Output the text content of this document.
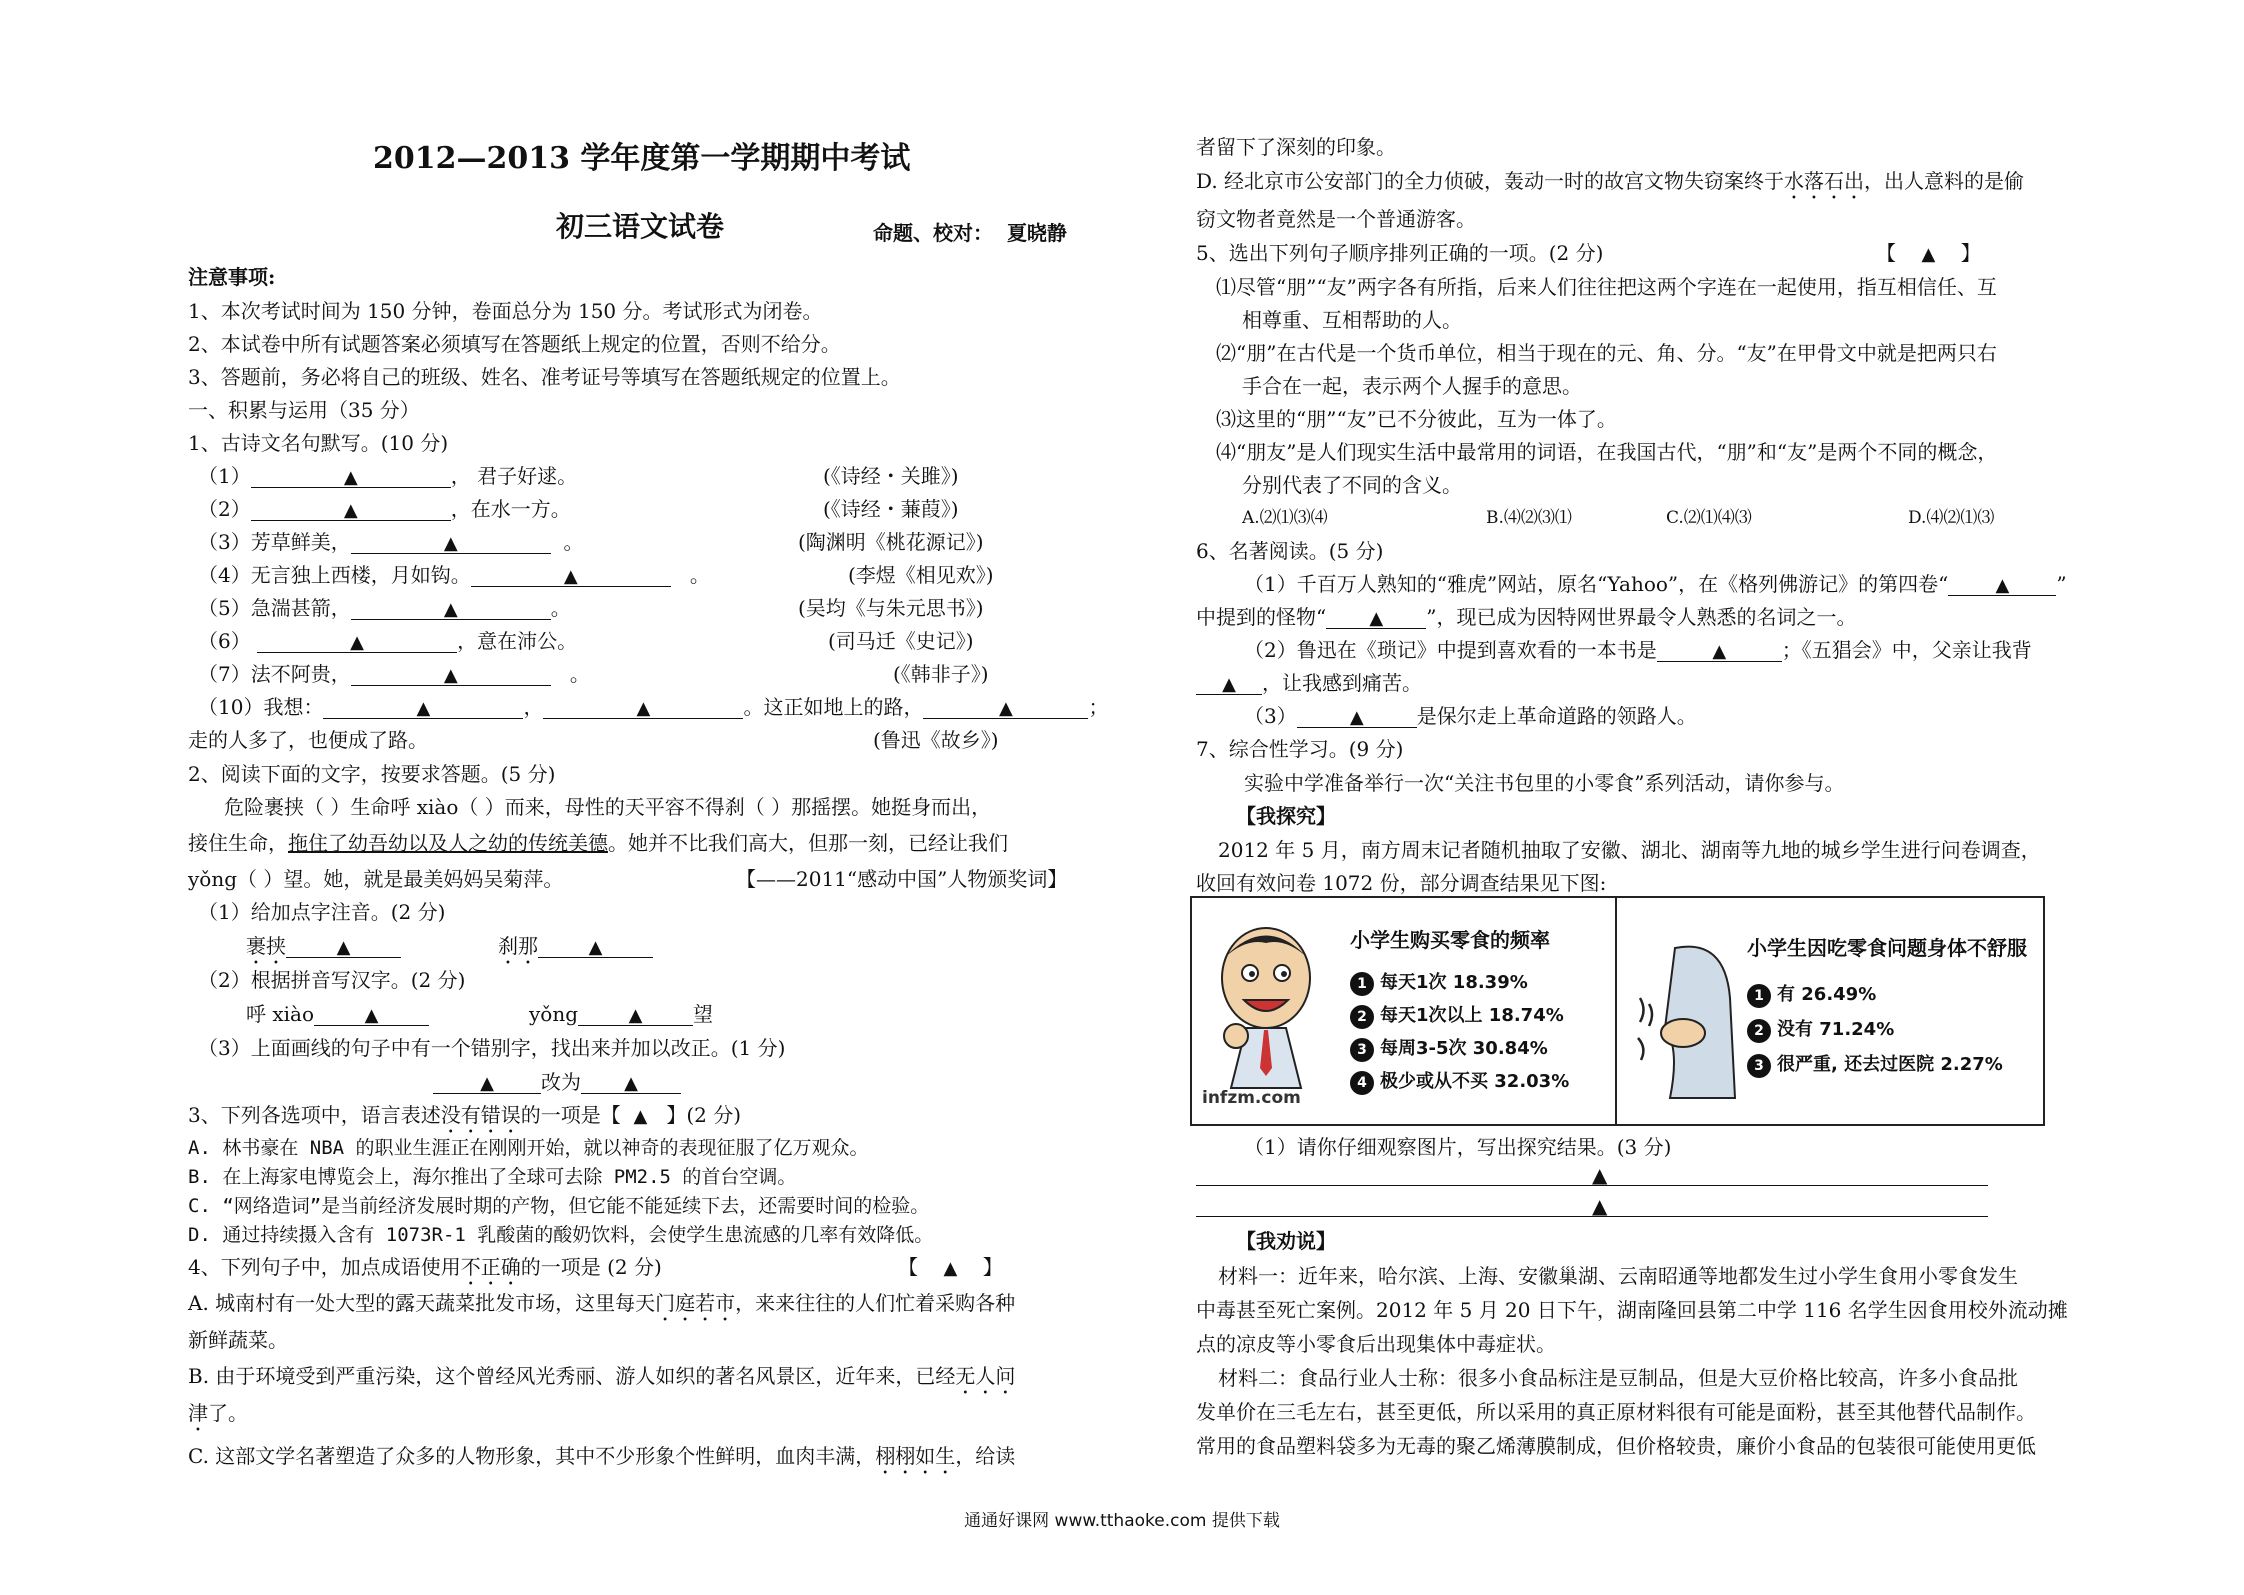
2012—2013 学年度第一学期期中考试
初三语文试卷	命题、校对： 夏晓静
注意事项:
1、本次考试时间为 150 分钟，卷面总分为 150 分。考试形式为闭卷。
2、本试卷中所有试题答案必须填写在答题纸上规定的位置，否则不给分。
3、答题前，务必将自己的班级、姓名、准考证号等填写在答题纸规定的位置上。
一、积累与运用（35 分）
1、古诗文名句默写。(10 分)
（1）	▲	， 君子好逑。	(《诗经・关雎》)
（2）	▲	，在水一方。	(《诗经・蒹葭》)
（3）芳草鲜美，	▲	。	(陶渊明《桃花源记》)
（4）无言独上西楼，月如钩。	▲	。	(李煜《相见欢》)
（5）急湍甚箭，	▲	。	(吴均《与朱元思书》)
（6）	▲	，意在沛公。	(司马迁《史记》)
（7）法不阿贵，	▲	。	(《韩非子》)
（10）我想：	▲	，	▲	。这正如地上的路，	▲	；
走的人多了，也便成了路。	(鲁迅《故乡》)
2、阅读下面的文字，按要求答题。(5 分)
危险裹挟（ ）生命呼 xiào（ ）而来，母性的天平容不得刹（ ）那摇摆。她挺身而出，
接住生命，拖住了幼吾幼以及人之幼的传统美德。她并不比我们高大，但那一刻，已经让我们
yǒng（ ）望。她，就是最美妈妈吴菊萍。	【——2011“感动中国”人物颁奖词】
（1）给加点字注音。(2 分)
裹挟	▲	刹那	▲
（2）根据拼音写汉字。(2 分)
呼 xiào	▲	yǒng	▲	望
（3）上面画线的句子中有一个错别字，找出来并加以改正。(1 分)
▲ 改为 ▲
3、下列各选项中，语言表述没有错误的一项是【 ▲ 】(2 分)
A. 林书豪在 NBA 的职业生涯正在刚刚开始，就以神奇的表现征服了亿万观众。
B. 在上海家电博览会上，海尔推出了全球可去除 PM2.5 的首台空调。
C. “网络造词”是当前经济发展时期的产物，但它能不能延续下去，还需要时间的检验。
D. 通过持续摄入含有 1073R-1 乳酸菌的酸奶饮料，会使学生患流感的几率有效降低。
4、下列句子中，加点成语使用不正确的一项是 (2 分)	【 ▲ 】
A. 城南村有一处大型的露天蔬菜批发市场，这里每天门庭若市，来来往往的人们忙着采购各种
新鲜蔬菜。
B. 由于环境受到严重污染，这个曾经风光秀丽、游人如织的著名风景区，近年来，已经无人问
津了。
C. 这部文学名著塑造了众多的人物形象，其中不少形象个性鲜明，血肉丰满，栩栩如生，给读
者留下了深刻的印象。
D. 经北京市公安部门的全力侦破，轰动一时的故宫文物失窃案终于水落石出，出人意料的是偷
窃文物者竟然是一个普通游客。
5、选出下列句子顺序排列正确的一项。(2 分)	【 ▲ 】
⑴尽管“朋”“友”两字各有所指，后来人们往往把这两个字连在一起使用，指互相信任、互
相尊重、互相帮助的人。
⑵“朋”在古代是一个货币单位，相当于现在的元、角、分。“友”在甲骨文中就是把两只右
手合在一起，表示两个人握手的意思。
⑶这里的“朋”“友”已不分彼此，互为一体了。
⑷“朋友”是人们现实生活中最常用的词语，在我国古代，“朋”和“友”是两个不同的概念，
分别代表了不同的含义。
A.⑵⑴⑶⑷	B.⑷⑵⑶⑴	C.⑵⑴⑷⑶	D.⑷⑵⑴⑶
6、名著阅读。(5 分)
（1）千百万人熟知的“雅虎”网站，原名“Yahoo”，在《格列佛游记》的第四卷“	▲ ”
中提到的怪物“ ▲ ”，现已成为因特网世界最令人熟悉的名词之一。
（2）鲁迅在《琐记》中提到喜欢看的一本书是	▲	；《五猖会》中，父亲让我背
▲ ，让我感到痛苦。
（3）	▲	是保尔走上革命道路的领路人。
7、综合性学习。(9 分)
实验中学准备举行一次“关注书包里的小零食”系列活动，请你参与。
【我探究】
2012 年 5 月，南方周末记者随机抽取了安徽、湖北、湖南等九地的城乡学生进行问卷调查，
收回有效问卷 1072 份，部分调查结果见下图:
（1）请你仔细观察图片，写出探究结果。(3 分)
▲
▲
【我劝说】
材料一：近年来，哈尔滨、上海、安徽巢湖、云南昭通等地都发生过小学生食用小零食发生
中毒甚至死亡案例。2012 年 5 月 20 日下午，湖南隆回县第二中学 116 名学生因食用校外流动摊
点的凉皮等小零食后出现集体中毒症状。
材料二：食品行业人士称：很多小食品标注是豆制品，但是大豆价格比较高，许多小食品批
发单价在三毛左右，甚至更低，所以采用的真正原材料很有可能是面粉，甚至其他替代品制作。
常用的食品塑料袋多为无毒的聚乙烯薄膜制成，但价格较贵，廉价小食品的包装很可能使用更低
infzm.com
小学生购买零食的频率
1 每天1次 18.39%
2 每天1次以上 18.74%
3 每周3-5次 30.84%
4 极少或从不买 32.03%
小学生因吃零食问题身体不舒服
1 有 26.49%
2 没有 71.24%
3 很严重, 还去过医院 2.27%
通通好课网 www.tthaoke.com 提供下载
